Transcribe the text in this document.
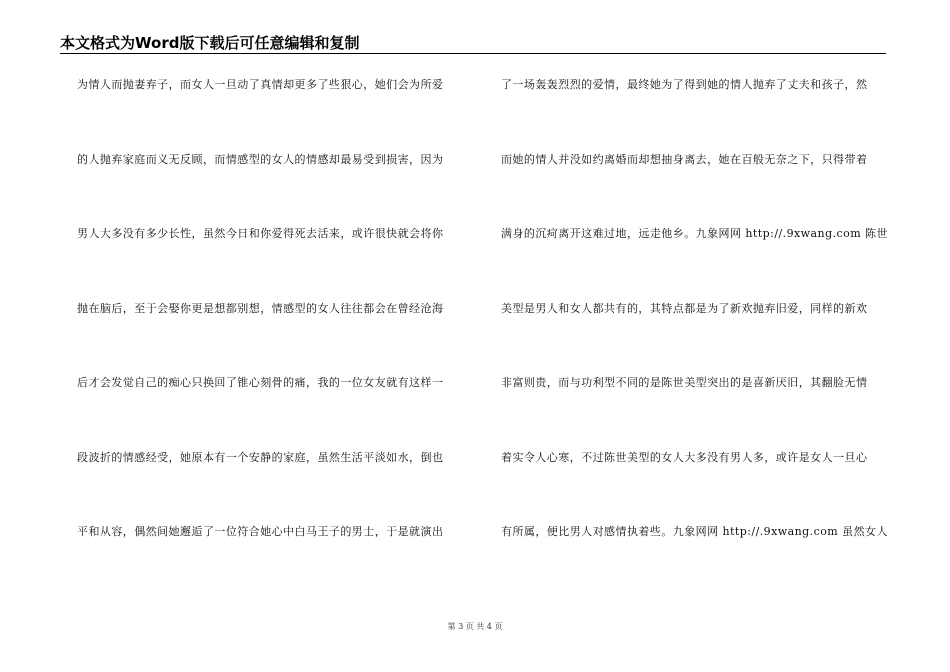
本文格式为Word版下载后可任意编辑和复制
为情人而抛妻弃子，而女人一旦动了真情却更多了些狠心，她们会为所爱
的人抛弃家庭而义无反顾，而情感型的女人的情感却最易受到损害，因为
男人大多没有多少长性，虽然今日和你爱得死去活来，或许很快就会将你
抛在脑后，至于会娶你更是想都别想，情感型的女人往往都会在曾经沧海
后才会发觉自己的痴心只换回了锥心刻骨的痛，我的一位女友就有这样一
段波折的情感经受，她原本有一个安静的家庭，虽然生活平淡如水，倒也
平和从容，偶然间她邂逅了一位符合她心中白马王子的男士，于是就演出
了一场轰轰烈烈的爱情，最终她为了得到她的情人抛弃了丈夫和孩子，然
而她的情人并没如约离婚而却想抽身离去，她在百般无奈之下，只得带着
满身的沉疴离开这难过地，远走他乡。九象网网 http://.9xwang.com 陈世
美型是男人和女人都共有的，其特点都是为了新欢抛弃旧爱，同样的新欢
非富则贵，而与功利型不同的是陈世美型突出的是喜新厌旧，其翻脸无情
着实令人心寒，不过陈世美型的女人大多没有男人多，或许是女人一旦心
有所属，便比男人对感情执着些。九象网网 http://.9xwang.com 虽然女人
第 3 页 共 4 页
